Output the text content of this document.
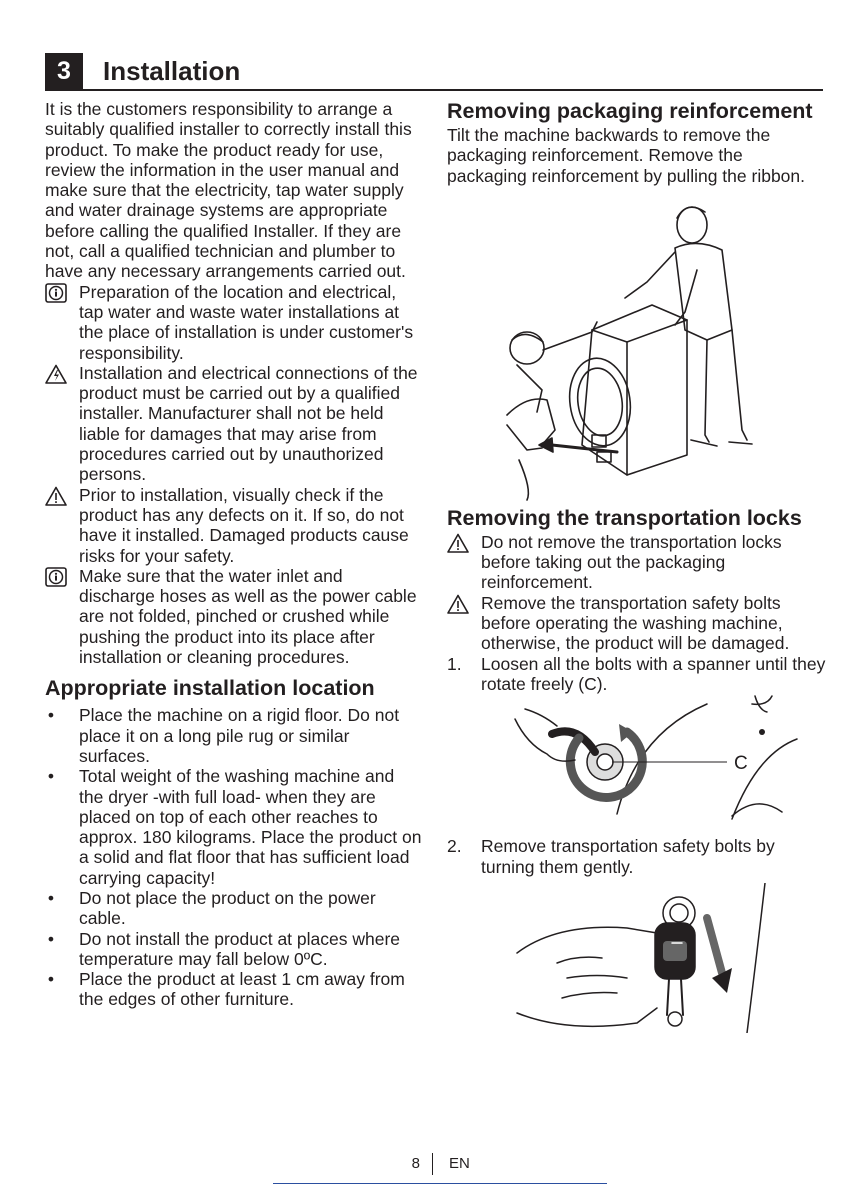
3	Installation

It is the customers responsibility to arrange a suitably qualified installer to correctly install this product. To make the product ready for use, review the information in the user manual and make sure that the electricity, tap water supply and water drainage systems are appropriate before calling the qualified Installer. If they are not, call a qualified technician and plumber to have any necessary arrangements carried out.

Preparation of the location and electrical, tap water and waste water installations at the place of installation is under customer's responsibility.
Installation and electrical connections of the product must be carried out by a qualified installer. Manufacturer shall not be held liable for damages that may arise from procedures carried out by unauthorized persons.
Prior to installation, visually check if the product has any defects on it. If so, do not have it installed. Damaged products cause risks for your safety.
Make sure that the water inlet and discharge hoses as well as the power cable are not folded, pinched or crushed while pushing the product into its place after installation or cleaning procedures.
Appropriate installation location
• Place the machine on a rigid floor. Do not place it on a long pile rug or similar surfaces.
• Total weight of the washing machine and the dryer -with full load- when they are placed on top of each other reaches to approx. 180 kilograms. Place the product on a solid and flat floor that has sufficient load carrying capacity!
• Do not place the product on the power cable.
• Do not install the product at places where temperature may fall below 0ºC.
• Place the product at least 1 cm away from the edges of other furniture.
Removing packaging reinforcement

Tilt the machine backwards to remove the packaging reinforcement. Remove the packaging reinforcement by pulling the ribbon.

Removing the transportation locks
Do not remove the transportation locks before taking out the packaging reinforcement.
Remove the transportation safety bolts before operating the washing machine, otherwise, the product will be damaged.
1. Loosen all the bolts with a spanner until they rotate freely (C).
C
2. Remove transportation safety bolts by turning them gently.
8 EN
